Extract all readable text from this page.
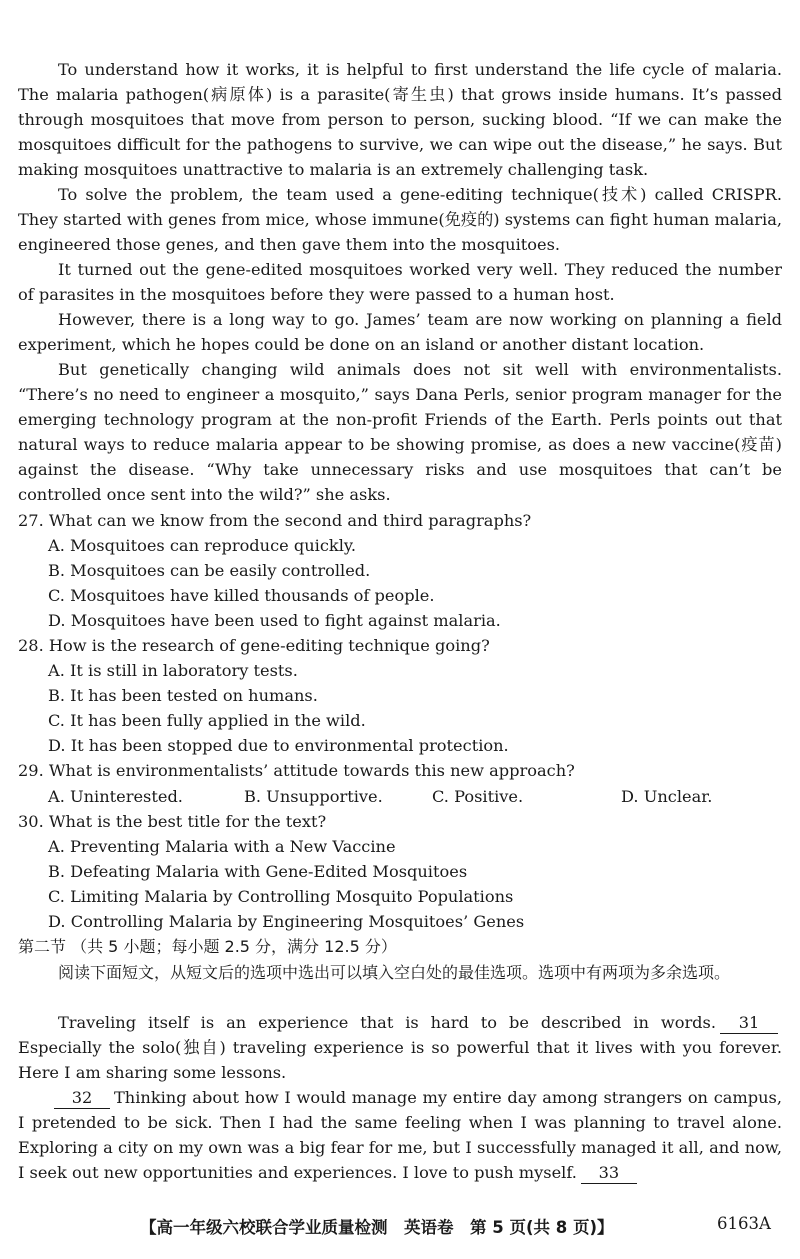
To understand how it works, it is helpful to first understand the life cycle of malaria. The malaria pathogen(病原体) is a parasite(寄生虫) that grows inside humans. It’s passed through mosquitoes that move from person to person, sucking blood. “If we can make the mosquitoes difficult for the pathogens to survive, we can wipe out the disease,” he says. But making mosquitoes unattractive to malaria is an extremely challenging task.

To solve the problem, the team used a gene-editing technique(技术) called CRISPR. They started with genes from mice, whose immune(免疫的) systems can fight human malaria, engineered those genes, and then gave them into the mosquitoes.

It turned out the gene-edited mosquitoes worked very well. They reduced the number of parasites in the mosquitoes before they were passed to a human host.

However, there is a long way to go. James’ team are now working on planning a field experiment, which he hopes could be done on an island or another distant location.

But genetically changing wild animals does not sit well with environmentalists. “There’s no need to engineer a mosquito,” says Dana Perls, senior program manager for the emerging technology program at the non-profit Friends of the Earth. Perls points out that natural ways to reduce malaria appear to be showing promise, as does a new vaccine(疫苗) against the disease. “Why take unnecessary risks and use mosquitoes that can’t be controlled once sent into the wild?” she asks.

27. What can we know from the second and third paragraphs?
A. Mosquitoes can reproduce quickly.
B. Mosquitoes can be easily controlled.
C. Mosquitoes have killed thousands of people.
D. Mosquitoes have been used to fight against malaria.
28. How is the research of gene-editing technique going?
A. It is still in laboratory tests.
B. It has been tested on humans.
C. It has been fully applied in the wild.
D. It has been stopped due to environmental protection.
29. What is environmentalists’ attitude towards this new approach?
A. Uninterested.	B. Unsupportive.	C. Positive.	D. Unclear.
30. What is the best title for the text?
A. Preventing Malaria with a New Vaccine
B. Defeating Malaria with Gene-Edited Mosquitoes
C. Limiting Malaria by Controlling Mosquito Populations
D. Controlling Malaria by Engineering Mosquitoes’ Genes
第二节 （共 5 小题；每小题 2.5 分，满分 12.5 分）

阅读下面短文，从短文后的选项中选出可以填入空白处的最佳选项。选项中有两项为多余选项。

Traveling itself is an experience that is hard to be described in words. 31Especially the solo(独自) traveling experience is so powerful that it lives with you forever. Here I am sharing some lessons.

32 Thinking about how I would manage my entire day among strangers on campus, I pretended to be sick. Then I had the same feeling when I was planning to travel alone. Exploring a city on my own was a big fear for me, but I successfully managed it all, and now, I seek out new opportunities and experiences. I love to push myself. 33

【高一年级六校联合学业质量检测　英语卷　第 5 页(共 8 页)】	6163A
